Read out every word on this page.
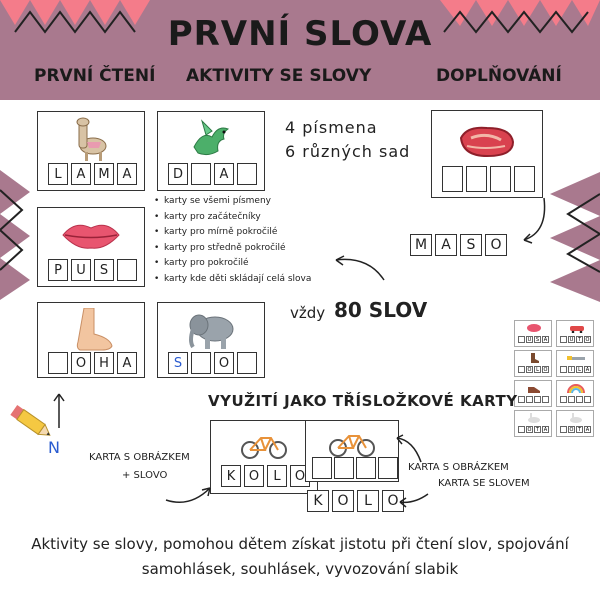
PRVNÍ SLOVA
PRVNÍ ČTENÍ AKTIVITY SE SLOVY	DOPLŇOVÁNÍ
L	A M A	D	A
P	U	S
O	H	A	S	O
M	A	S	O
4 písmena
6 různých sad
• karty se všemi písmeny
• karty pro začátečníky
• karty pro mírně pokročilé
• karty pro středně pokročilé
• karty pro pokročilé
• karty kde děti skládají celá slova
vždy 80 SLOV
N
U S A	U T O
O L O	I	L A
O T A	O T A
VYUŽITÍ JAKO TŘÍSLOŽKOVÉ KARTY
K	O	L	O
K	O	L	O
KARTA S OBRÁZKEM
+ SLOVO
KARTA S OBRÁZKEM
KARTA SE SLOVEM
Aktivity se slovy, pomohou dětem získat jistotu při čtení slov, spojování
samohlásek, souhlásek, vyvozování slabik
